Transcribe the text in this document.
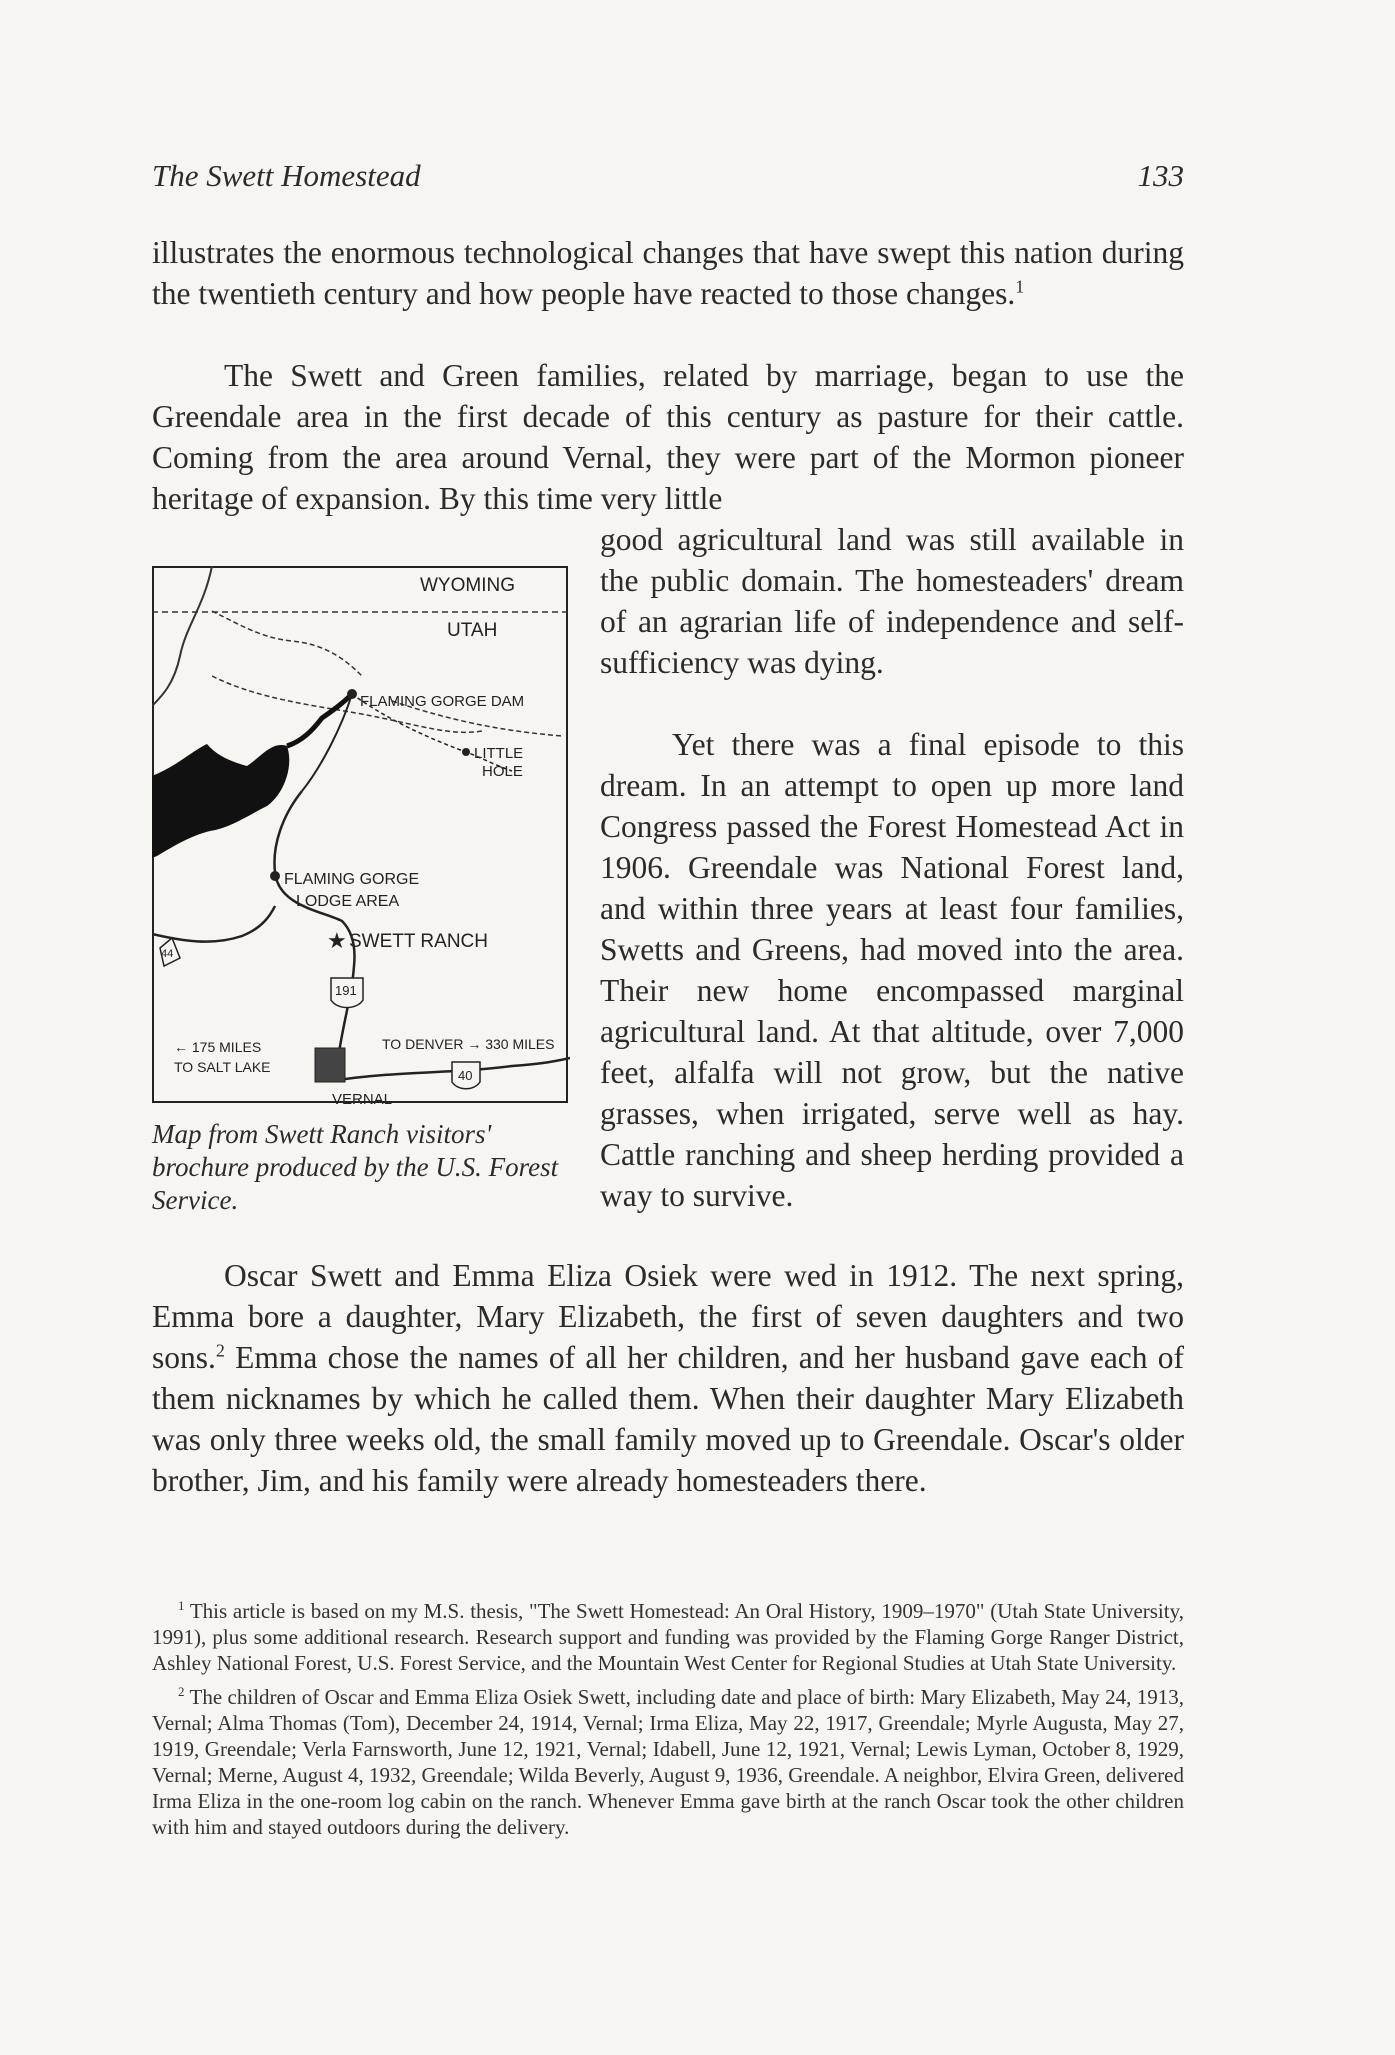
The Swett Homestead	133

illustrates the enormous technological changes that have swept this nation during the twentieth century and how people have reacted to those changes.$^1$

The Swett and Green families, related by marriage, began to use the Greendale area in the first decade of this century as pasture for their cattle. Coming from the area around Vernal, they were part of the Mormon pioneer heritage of expansion. By this time very little

good agricultural land was still available in the public domain. The homesteaders' dream of an agrarian life of independence and self-sufficiency was dying.

Yet there was a final episode to this dream. In an attempt to open up more land Congress passed the Forest Homestead Act in 1906. Greendale was National Forest land, and within three years at least four families, Swetts and Greens, had moved into the area. Their new home encompassed marginal agricultural land. At that altitude, over 7,000 feet, alfalfa will not grow, but the native grasses, when irrigated, serve well as hay. Cattle ranching and sheep herding provided a way to survive.

Oscar Swett and Emma Eliza Osiek were wed in 1912. The next spring, Emma bore a daughter, Mary Elizabeth, the first of seven daughters and two sons.$^2$ Emma chose the names of all her children, and her husband gave each of them nicknames by which he called them. When their daughter Mary Elizabeth was only three weeks old, the small family moved up to Greendale. Oscar's older brother, Jim, and his family were already homesteaders there.

WYOMING
UTAH
FLAMING GORGE DAM
LITTLE
HOLE
FLAMING GORGE
LODGE AREA
★ SWETT RANCH
191
44
40
VERNAL
← 175 MILES
TO SALT LAKE
TO DENVER → 330 MILES

Map from Swett Ranch visitors' brochure produced by the U.S. Forest Service.

$^1$ This article is based on my M.S. thesis, "The Swett Homestead: An Oral History, 1909–1970" (Utah State University, 1991), plus some additional research. Research support and funding was provided by the Flaming Gorge Ranger District, Ashley National Forest, U.S. Forest Service, and the Mountain West Center for Regional Studies at Utah State University.

$^2$ The children of Oscar and Emma Eliza Osiek Swett, including date and place of birth: Mary Elizabeth, May 24, 1913, Vernal; Alma Thomas (Tom), December 24, 1914, Vernal; Irma Eliza, May 22, 1917, Greendale; Myrle Augusta, May 27, 1919, Greendale; Verla Farnsworth, June 12, 1921, Vernal; Idabell, June 12, 1921, Vernal; Lewis Lyman, October 8, 1929, Vernal; Merne, August 4, 1932, Greendale; Wilda Beverly, August 9, 1936, Greendale. A neighbor, Elvira Green, delivered Irma Eliza in the one-room log cabin on the ranch. Whenever Emma gave birth at the ranch Oscar took the other children with him and stayed outdoors during the delivery.
